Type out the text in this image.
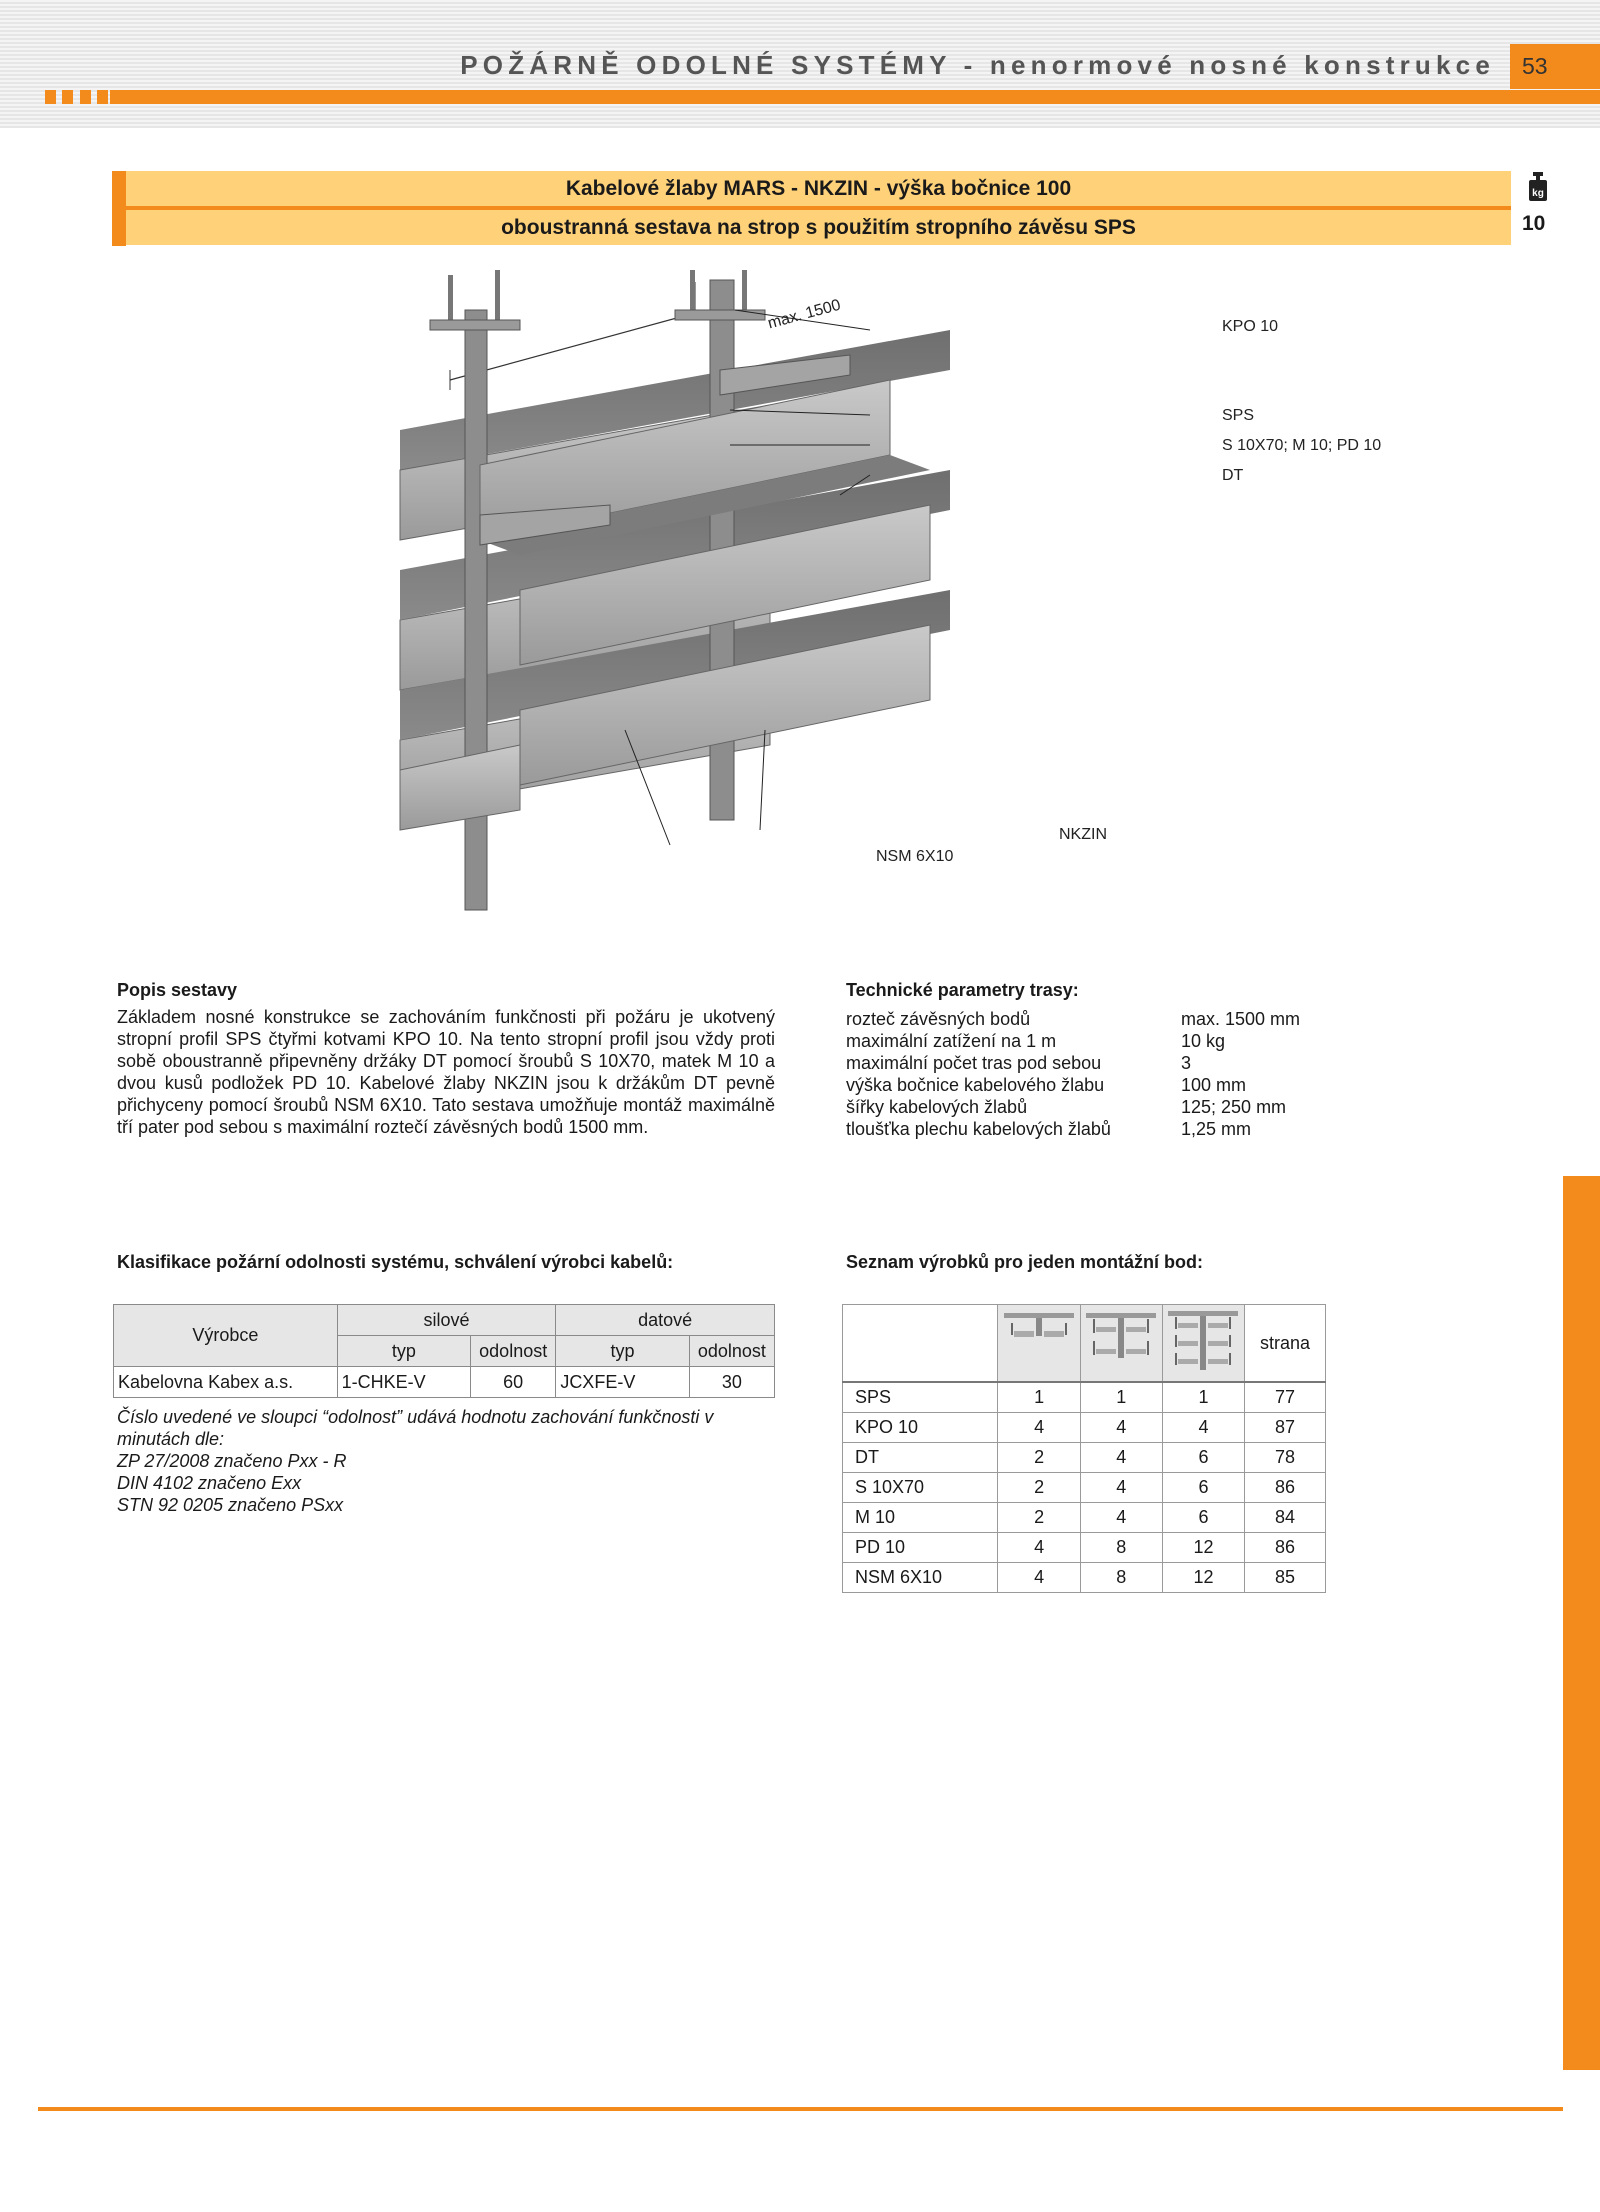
POŽÁRNĚ ODOLNÉ SYSTÉMY - nenormové nosné konstrukce	53
Kabelové žlaby MARS - NKZIN - výška bočnice 100
oboustranná sestava na strop s použitím stropního závěsu SPS
kg
10
max. 1500	KPO 10
SPS
S 10X70; M 10; PD 10
DT
NKZIN
NSM 6X10
Popis sestavy
Základem nosné konstrukce se zachováním funkčnosti při požáru je ukotvený stropní profil SPS čtyřmi kotvami KPO 10. Na tento stropní profil jsou vždy proti sobě oboustranně připevněny držáky DT pomocí šroubů S 10X70, matek M 10 a dvou kusů podložek PD 10. Kabelové žlaby NKZIN jsou k držákům DT pevně přichyceny pomocí šroubů NSM 6X10. Tato sestava umožňuje montáž maximálně tří pater pod sebou s maximální roztečí závěsných bodů 1500 mm.
Technické parametry trasy:
rozteč závěsných bodů	max. 1500 mm
maximální zatížení na 1 m	10 kg
maximální počet tras pod sebou	3
výška bočnice kabelového žlabu	100 mm
šířky kabelových žlabů	125; 250 mm
tloušťka plechu kabelových žlabů	1,25 mm
Klasifikace požární odolnosti systému, schválení výrobci kabelů:
Výrobce	silové		datové	
	typ	odolnost	typ	odolnost
Kabelovna Kabex a.s.	1-CHKE-V	60	JCXFE-V	30
Číslo uvedené ve sloupci “odolnost” udává hodnotu zachování funkčnosti v minutách dle:
ZP 27/2008 značeno Pxx - R
DIN 4102 značeno Exx
STN 92 0205 značeno PSxx
Seznam výrobků pro jeden montážní bod:
				strana
SPS	1	1	1	77
KPO 10	4	4	4	87
DT	2	4	6	78
S 10X70	2	4	6	86
M 10	2	4	6	84
PD 10	4	8	12	86
NSM 6X10	4	8	12	85
